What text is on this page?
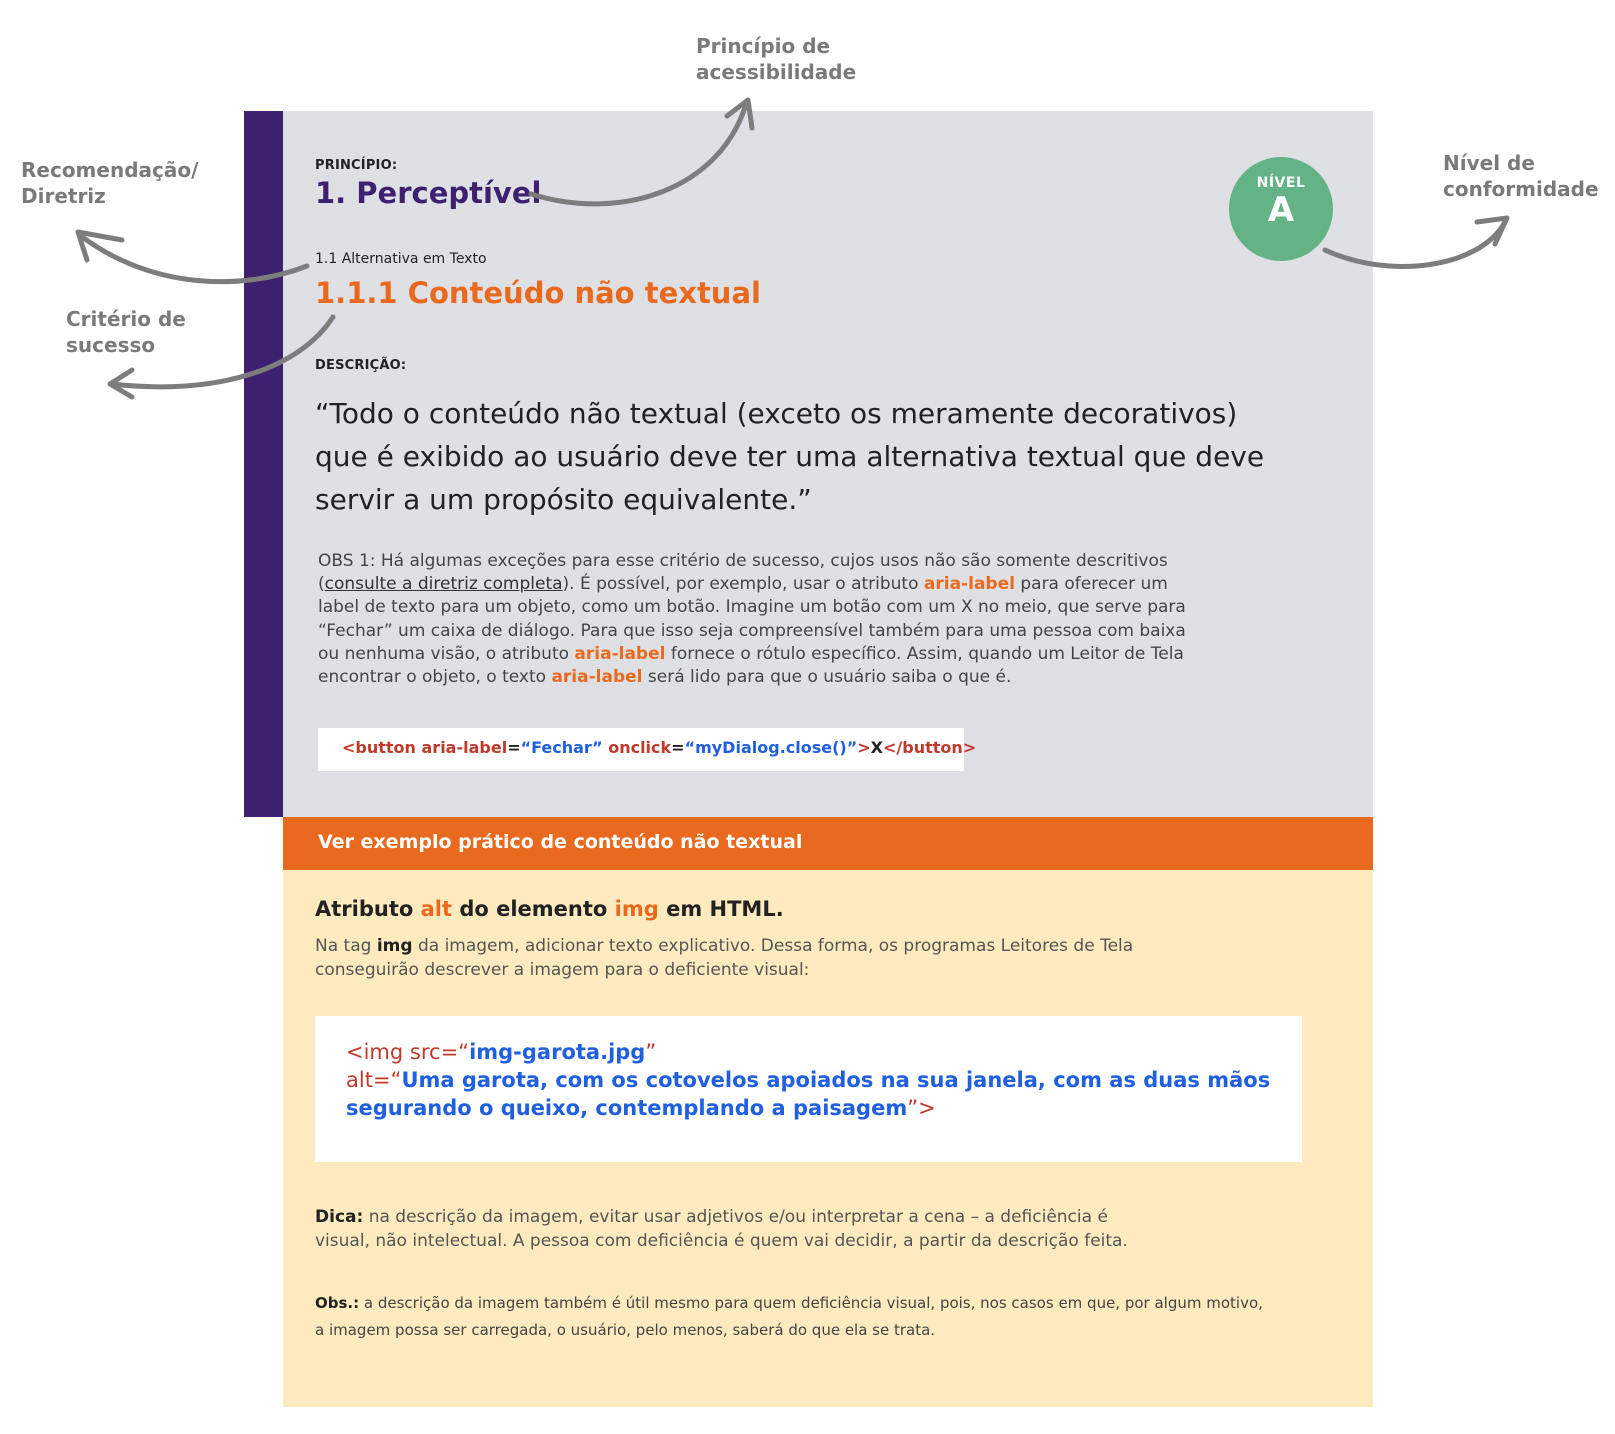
Princípio de
acessibilidade
Recomendação/
Diretriz
Critério de
sucesso
Nível de
conformidade
PRINCÍPIO:
1. Perceptível
1.1 Alternativa em Texto
1.1.1 Conteúdo não textual
DESCRIÇÃO:
“Todo o conteúdo não textual (exceto os meramente decorativos) que é exibido ao usuário deve ter uma alternativa textual que deve servir a um propósito equivalente.”
OBS 1: Há algumas exceções para esse critério de sucesso, cujos usos não são somente descritivos (consulte a diretriz completa). É possível, por exemplo, usar o atributo aria-label para oferecer um label de texto para um objeto, como um botão. Imagine um botão com um X no meio, que serve para “Fechar” um caixa de diálogo. Para que isso seja compreensível também para uma pessoa com baixa ou nenhuma visão, o atributo aria-label fornece o rótulo específico. Assim, quando um Leitor de Tela encontrar o objeto, o texto aria-label será lido para que o usuário saiba o que é.
<button aria-label=“Fechar” onclick=“myDialog.close()”>X</button>
NÍVEL
A
Ver exemplo prático de conteúdo não textual
Atributo alt do elemento img em HTML.
Na tag img da imagem, adicionar texto explicativo. Dessa forma, os programas Leitores de Tela conseguirão descrever a imagem para o deficiente visual:
<img src=“img-garota.jpg”
alt=“Uma garota, com os cotovelos apoiados na sua janela, com as duas mãos segurando o queixo, contemplando a paisagem”>
Dica: na descrição da imagem, evitar usar adjetivos e/ou interpretar a cena – a deficiência é visual, não intelectual. A pessoa com deficiência é quem vai decidir, a partir da descrição feita.
Obs.: a descrição da imagem também é útil mesmo para quem deficiência visual, pois, nos casos em que, por algum motivo, a imagem possa ser carregada, o usuário, pelo menos, saberá do que ela se trata.
